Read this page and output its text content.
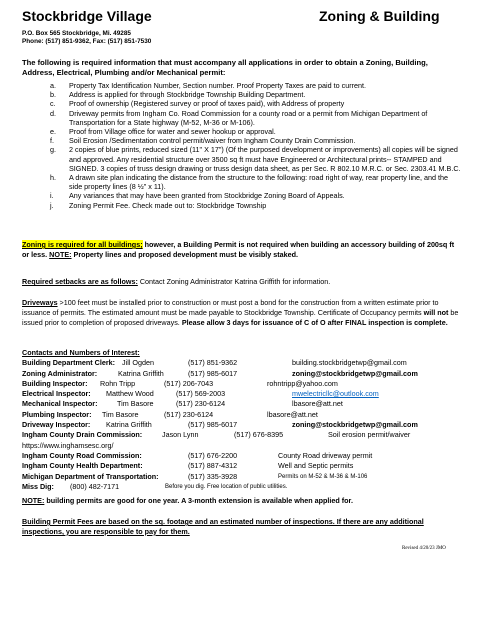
Stockbridge Village	Zoning & Building
P.O. Box 565 Stockbridge, Mi. 49285
Phone: (517) 851-9362, Fax: (517) 851-7530
The following is required information that must accompany all applications in order to obtain a Zoning, Building, Address, Electrical, Plumbing and/or Mechanical permit:
a. Property Tax Identification Number, Section number. Proof Property Taxes are paid to current.
b. Address is applied for through Stockbridge Township Building Department.
c. Proof of ownership (Registered survey or proof of taxes paid), with Address of property
d. Driveway permits from Ingham Co. Road Commission for a county road or a permit from Michigan Department of Transportation for a State highway (M-52, M-36 or M-106).
e. Proof from Village office for water and sewer hookup or approval.
f. Soil Erosion /Sedimentation control permit/waiver from Ingham County Drain Commission.
g. 2 copies of blue prints, reduced sized (11" X 17") (Of the purposed development or improvements) all copies will be signed and approved. Any residential structure over 3500 sq ft must have Engineered or Architectural prints-- STAMPED and SIGNED. 3 copies of truss design drawing or truss design data sheet, as per Sec. R 802.10 M.R.C. or Sec. 2303.41 M.B.C.
h. A drawn site plan indicating the distance from the structure to the following: road right of way, rear property line, and the side property lines (8 ½" x 11).
i. Any variances that may have been granted from Stockbridge Zoning Board of Appeals.
j. Zoning Permit Fee. Check made out to: Stockbridge Township
Zoning is required for all buildings; however, a Building Permit is not required when building an accessory building of 200sq ft or less. NOTE: Property lines and proposed development must be visibly staked.
Required setbacks are as follows: Contact Zoning Administrator Katrina Griffith for information.
Driveways >100 feet must be installed prior to construction or must post a bond for the construction from a written estimate prior to issuance of permits. The estimated amount must be made payable to Stockbridge Township. Certificate of Occupancy permits will not be issued prior to completion of proposed driveways. Please allow 3 days for issuance of C of O after FINAL inspection is complete.
Contacts and Numbers of Interest:
Building Department Clerk: Jill Ogden	(517) 851-9362	building.stockbridgetwp@gmail.com
Zoning Administrator:	Katrina Griffith	(517) 985-6017	zoning@stockbridgetwp@gmail.com
Building Inspector: Rohn Tripp	(517) 206-7043	rohntripp@yahoo.com
Electrical Inspector: Matthew Wood	(517) 569-2003	mwelectricllc@outlook.com
Mechanical Inspector:	Tim Basore	(517) 230-6124	lbasore@att.net
Plumbing Inspector: Tim Basore	(517) 230-6124	lbasore@att.net
Driveway Inspector: Katrina Griffith	(517) 985-6017	zoning@stockbridgetwp@gmail.com
Ingham County Drain Commission:	Jason Lynn	(517) 676-8395	Soil erosion permit/waiver
https://www.inghamsesc.org/
Ingham County Road Commission:	(517) 676-2200	County Road driveway permit
Ingham County Health Department:	(517) 887-4312	Well and Septic permits
Michigan Department of Transportation:	(517) 335-3928	Permits on M-52 & M-36 & M-106
Miss Dig: (800) 482-7171	Before you dig. Free location of public utilities.
NOTE: building permits are good for one year. A 3-month extension is available when applied for.
Building Permit Fees are based on the sq. footage and an estimated number of inspections. If there are any additional inspections, you are responsible to pay for them.
Revised 4/20/23 JMO
